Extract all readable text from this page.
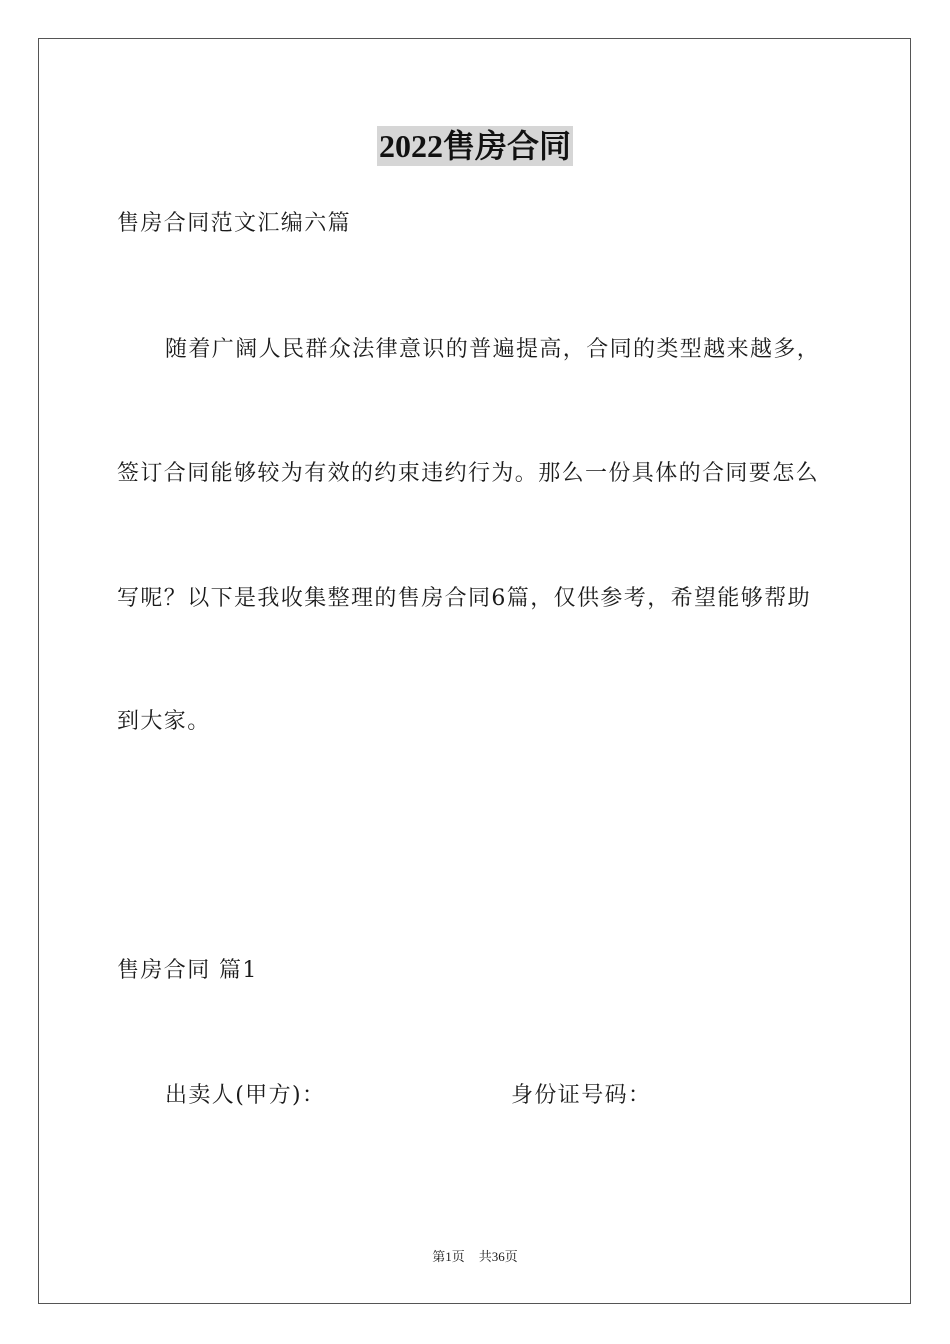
2022售房合同
售房合同范文汇编六篇
随着广阔人民群众法律意识的普遍提高，合同的类型越来越多，
签订合同能够较为有效的约束违约行为。那么一份具体的合同要怎么
写呢？以下是我收集整理的售房合同6篇，仅供参考，希望能够帮助
到大家。
售房合同 篇1
出卖人(甲方)：	身份证号码：
第1页 共36页
